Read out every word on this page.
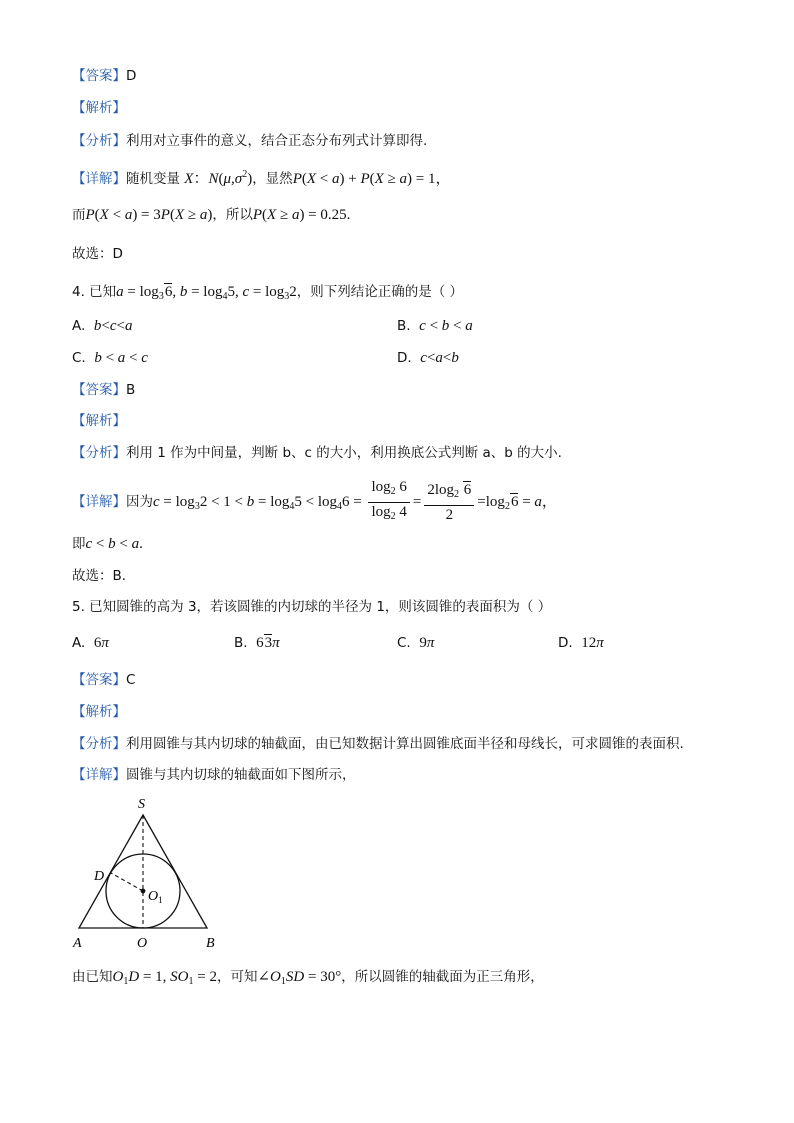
【答案】D
【解析】
【分析】利用对立事件的意义，结合正态分布列式计算即得.
【详解】随机变量 X：$N(\mu,\sigma^2)$，显然P(X < a) + P(X ≥ a) = 1，
而P(X < a) = 3P(X ≥ a)，所以P(X ≥ a) = 0.25.
故选：D
4. 已知$a = \log_36$, $b = \log_45$, $c = \log_32$，则下列结论正确的是（ ）
A. b<c<a	B. c < b < a
C. b < a < c	D. c<a<b
【答案】B
【解析】
【分析】利用 1 作为中间量，判断 b、c 的大小，利用换底公式判断 a、b 的大小.
【详解】因为$c = \log_32 < 1 < b = \log_45 < \log_46 = \frac{\log_2 6}{\log_2 4} = \frac{2\log_2 6}{2} =\log_26 = a$，
即c < b < a.
故选：B．
5. 已知圆锥的高为 3，若该圆锥的内切球的半径为 1，则该圆锥的表面积为（ ）
A. 6π	B. 63π	C. 9π	D. 12π
【答案】C
【解析】
【分析】利用圆锥与其内切球的轴截面，由已知数据计算出圆锥底面半径和母线长，可求圆锥的表面积.
【详解】圆锥与其内切球的轴截面如下图所示，
S
D
$O_1$
A	O	B
由已知$O_1D = 1$, $SO_1 = 2$，可知$\angle O_1SD = 30^\circ$，所以圆锥的轴截面为正三角形，
